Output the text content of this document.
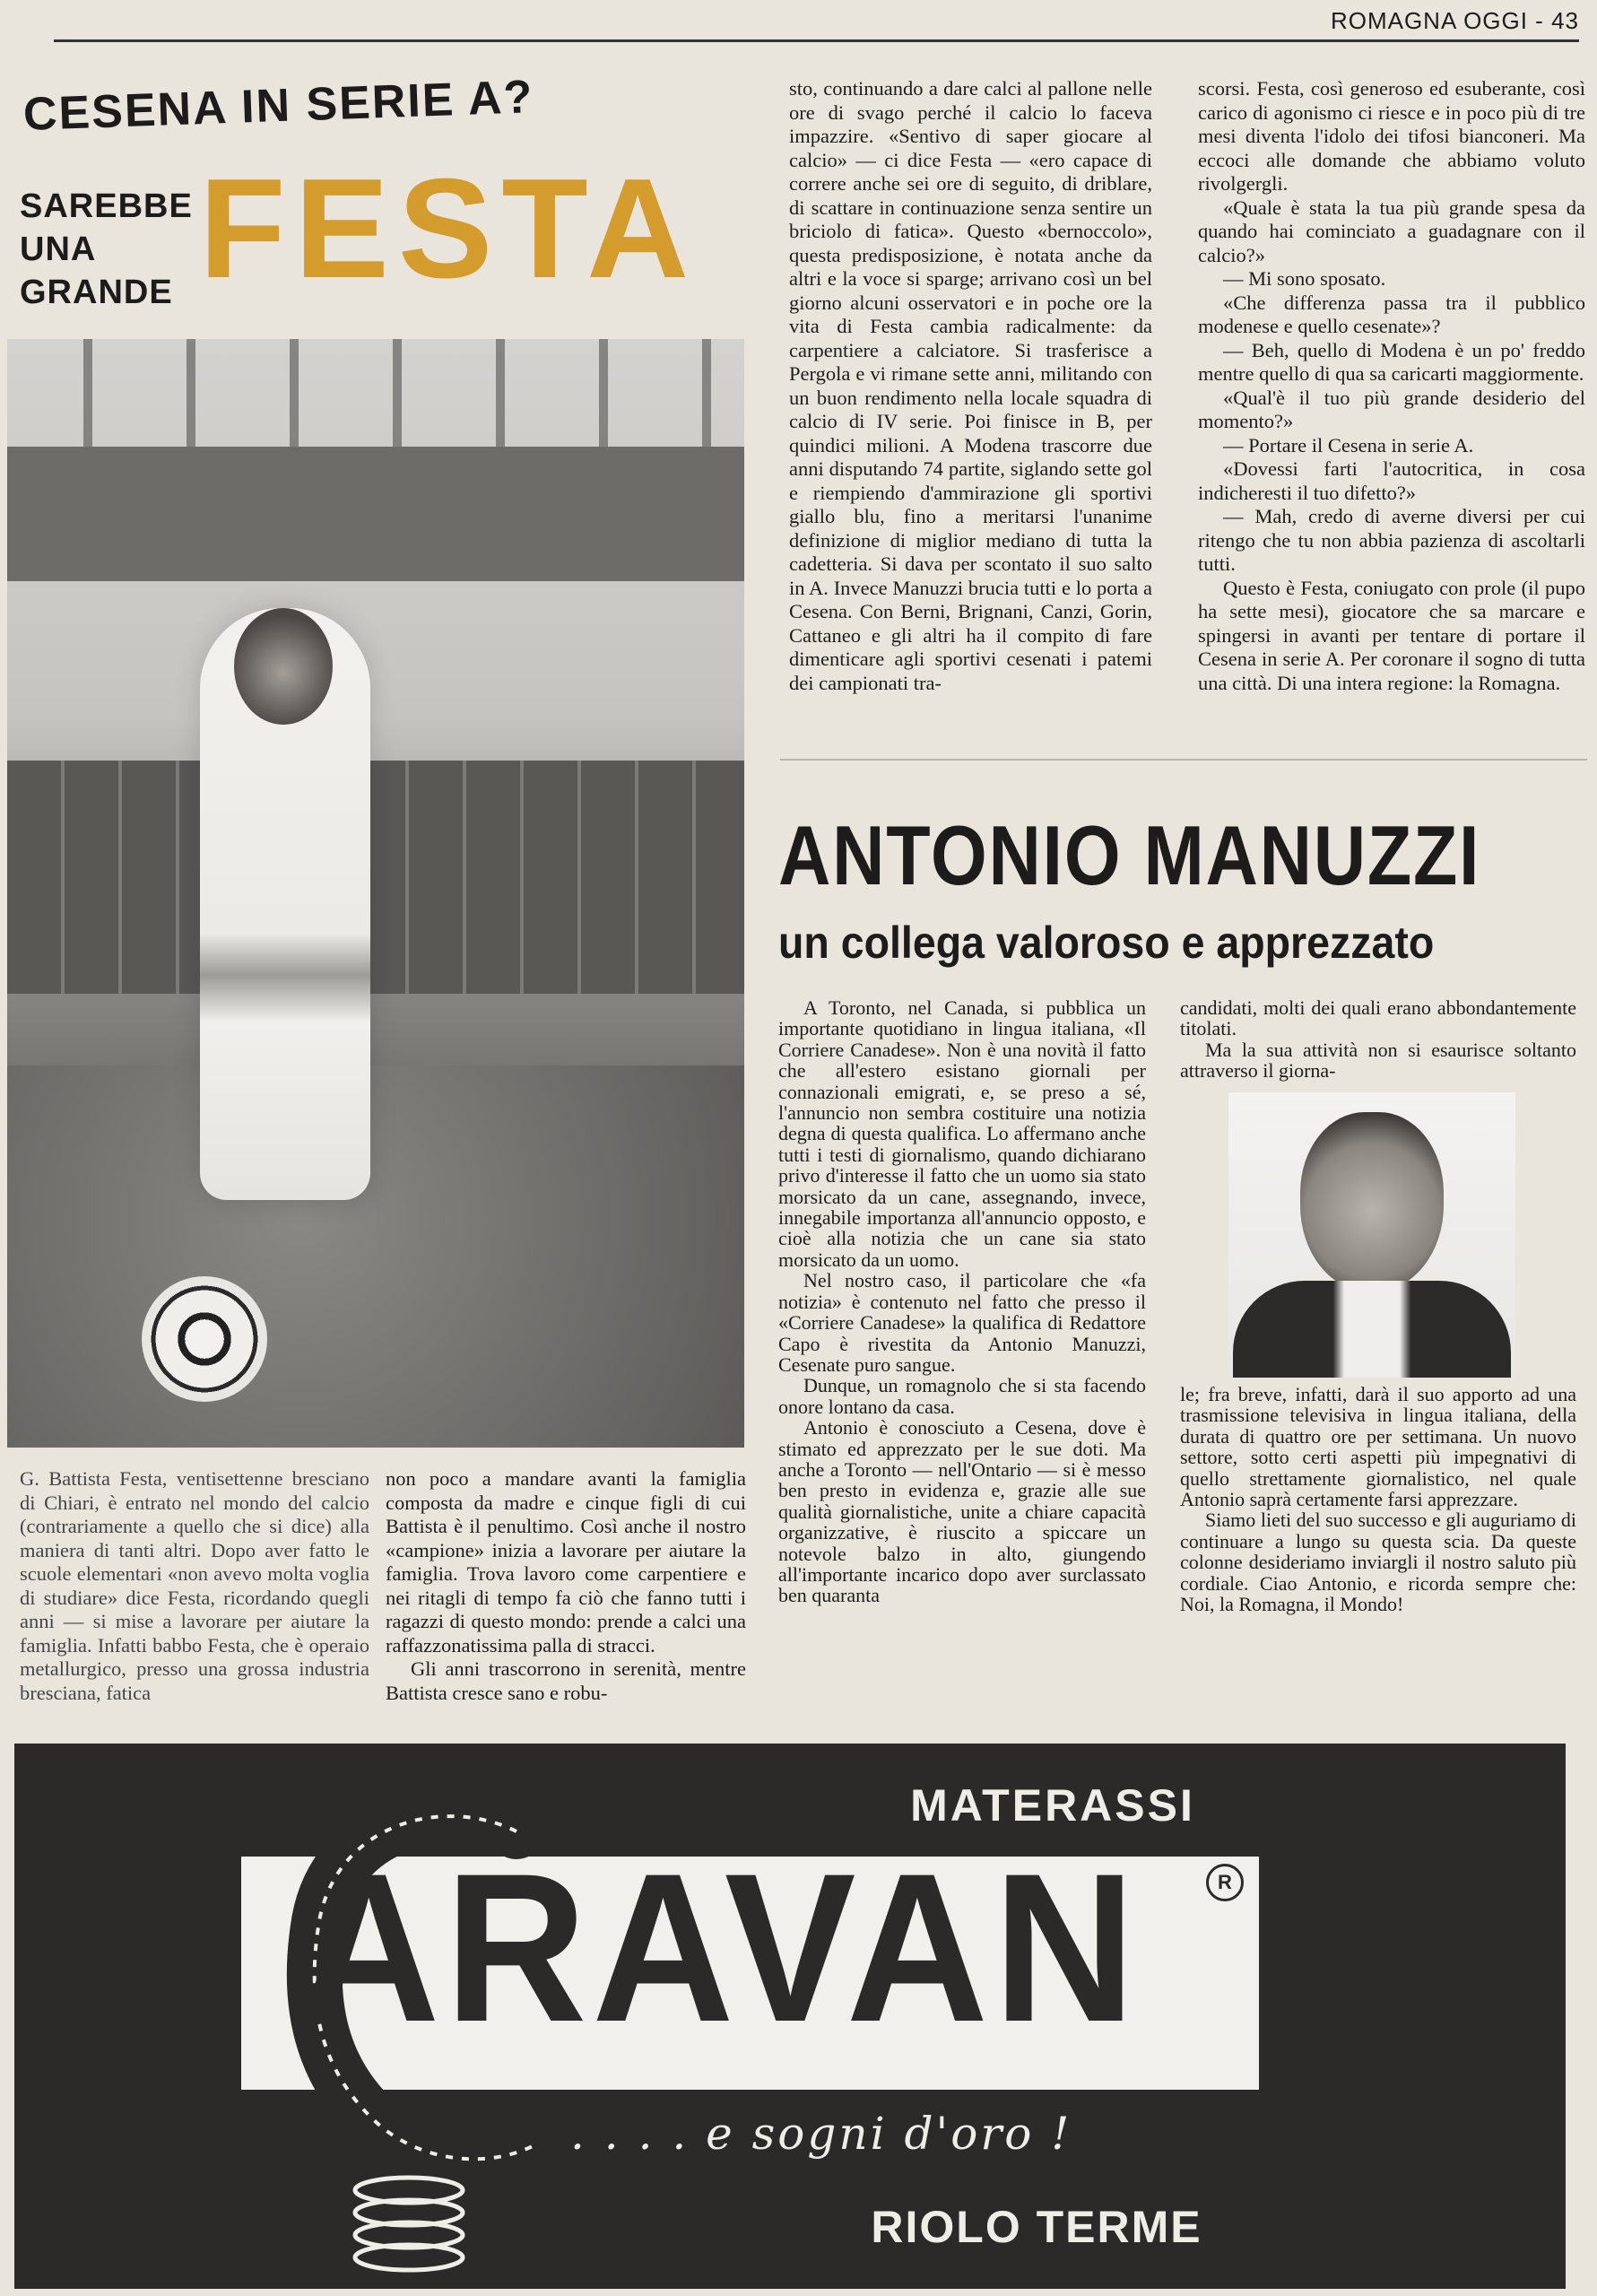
ROMAGNA OGGI - 43
CESENA IN SERIE A?
SAREBBE
UNA
GRANDE FESTA

G. Battista Festa, ventisettenne bresciano di Chiari, è entrato nel mondo del calcio (contrariamente a quello che si dice) alla maniera di tanti altri. Dopo aver fatto le scuole elementari «non avevo molta voglia di studiare» dice Festa, ricordando quegli anni — si mise a lavorare per aiutare la famiglia. Infatti babbo Festa, che è operaio metallurgico, presso una grossa industria bresciana, fatica

non poco a mandare avanti la famiglia composta da madre e cinque figli di cui Battista è il penultimo. Così anche il nostro «campione» inizia a lavorare per aiutare la famiglia. Trova lavoro come carpentiere e nei ritagli di tempo fa ciò che fanno tutti i ragazzi di questo mondo: prende a calci una raffazzonatissima palla di stracci.

Gli anni trascorrono in serenità, mentre Battista cresce sano e robu-

sto, continuando a dare calci al pallone nelle ore di svago perché il calcio lo faceva impazzire. «Sentivo di saper giocare al calcio» — ci dice Festa — «ero capace di correre anche sei ore di seguito, di driblare, di scattare in continuazione senza sentire un briciolo di fatica». Questo «bernoccolo», questa predisposizione, è notata anche da altri e la voce si sparge; arrivano così un bel giorno alcuni osservatori e in poche ore la vita di Festa cambia radicalmente: da carpentiere a calciatore. Si trasferisce a Pergola e vi rimane sette anni, militando con un buon rendimento nella locale squadra di calcio di IV serie. Poi finisce in B, per quindici milioni. A Modena trascorre due anni disputando 74 partite, siglando sette gol e riempiendo d'ammirazione gli sportivi giallo blu, fino a meritarsi l'unanime definizione di miglior mediano di tutta la cadetteria. Si dava per scontato il suo salto in A. Invece Manuzzi brucia tutti e lo porta a Cesena. Con Berni, Brignani, Canzi, Gorin, Cattaneo e gli altri ha il compito di fare dimenticare agli sportivi cesenati i patemi dei campionati tra-

scorsi. Festa, così generoso ed esuberante, così carico di agonismo ci riesce e in poco più di tre mesi diventa l'idolo dei tifosi bianconeri. Ma eccoci alle domande che abbiamo voluto rivolgergli.

«Quale è stata la tua più grande spesa da quando hai cominciato a guadagnare con il calcio?»

— Mi sono sposato.

«Che differenza passa tra il pubblico modenese e quello cesenate»?

— Beh, quello di Modena è un po' freddo mentre quello di qua sa caricarti maggiormente.

«Qual'è il tuo più grande desiderio del momento?»

— Portare il Cesena in serie A.

«Dovessi farti l'autocritica, in cosa indicheresti il tuo difetto?»

— Mah, credo di averne diversi per cui ritengo che tu non abbia pazienza di ascoltarli tutti.

Questo è Festa, coniugato con prole (il pupo ha sette mesi), giocatore che sa marcare e spingersi in avanti per tentare di portare il Cesena in serie A. Per coronare il sogno di tutta una città. Di una intera regione: la Romagna.

ANTONIO MANUZZI
un collega valoroso e apprezzato

A Toronto, nel Canada, si pubblica un importante quotidiano in lingua italiana, «Il Corriere Canadese». Non è una novità il fatto che all'estero esistano giornali per connazionali emigrati, e, se preso a sé, l'annuncio non sembra costituire una notizia degna di questa qualifica. Lo affermano anche tutti i testi di giornalismo, quando dichiarano privo d'interesse il fatto che un uomo sia stato morsicato da un cane, assegnando, invece, innegabile importanza all'annuncio opposto, e cioè alla notizia che un cane sia stato morsicato da un uomo.

Nel nostro caso, il particolare che «fa notizia» è contenuto nel fatto che presso il «Corriere Canadese» la qualifica di Redattore Capo è rivestita da Antonio Manuzzi, Cesenate puro sangue.

Dunque, un romagnolo che si sta facendo onore lontano da casa.

Antonio è conosciuto a Cesena, dove è stimato ed apprezzato per le sue doti. Ma anche a Toronto — nell'Ontario — si è messo ben presto in evidenza e, grazie alle sue qualità giornalistiche, unite a chiare capacità organizzative, è riuscito a spiccare un notevole balzo in alto, giungendo all'importante incarico dopo aver surclassato ben quaranta

candidati, molti dei quali erano abbondantemente titolati.

Ma la sua attività non si esaurisce soltanto attraverso il giorna-

le; fra breve, infatti, darà il suo apporto ad una trasmissione televisiva in lingua italiana, della durata di quattro ore per settimana. Un nuovo settore, sotto certi aspetti più impegnativi di quello strettamente giornalistico, nel quale Antonio saprà certamente farsi apprezzare.

Siamo lieti del suo successo e gli auguriamo di continuare a lungo su questa scia. Da queste colonne desideriamo inviargli il nostro saluto più cordiale. Ciao Antonio, e ricorda sempre che: Noi, la Romagna, il Mondo!

MATERASSI
ARAVAN	R
. . . . e sogni d'oro !
RIOLO TERME
